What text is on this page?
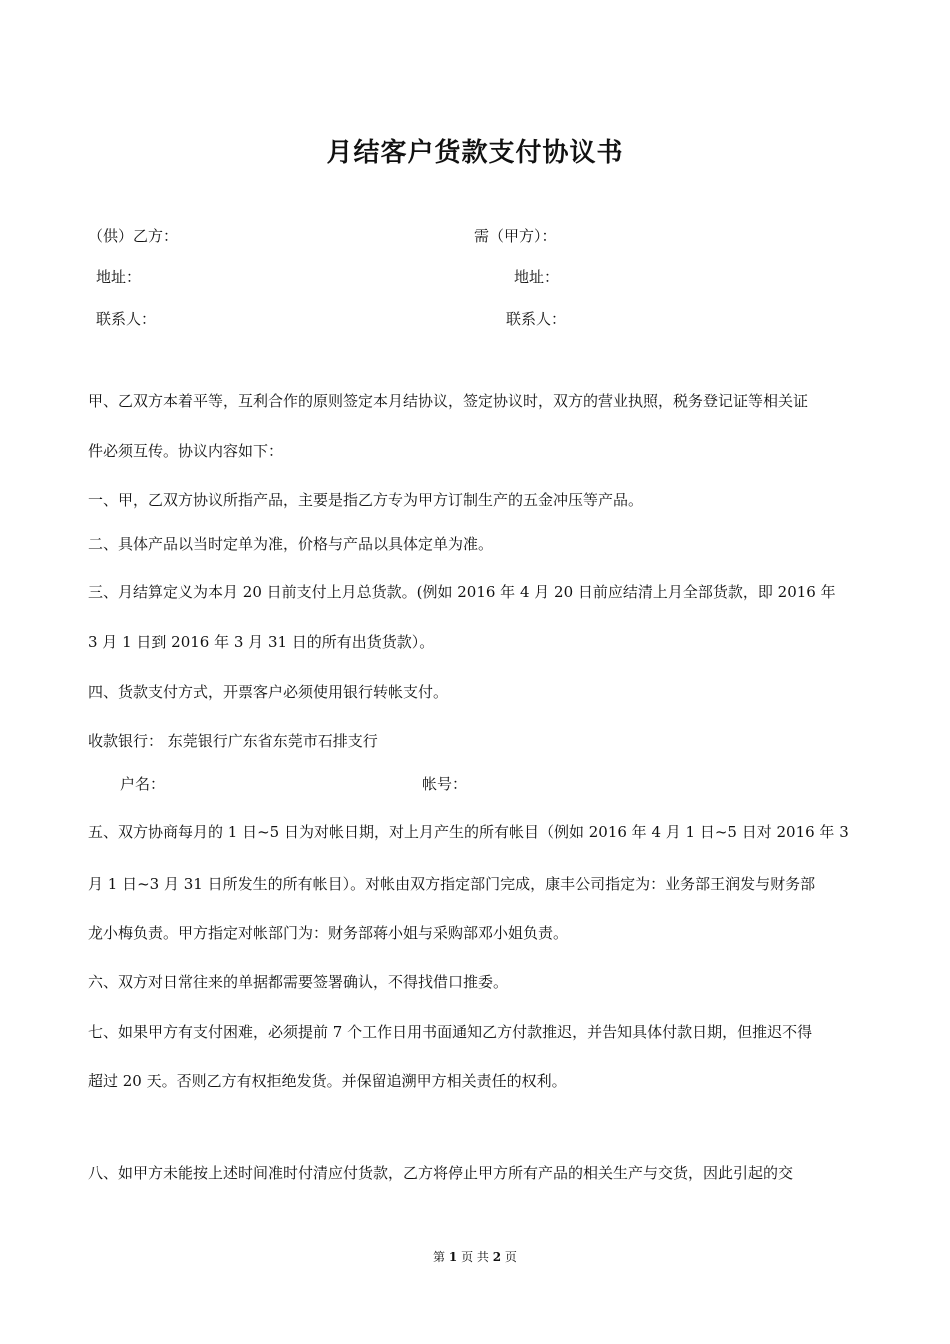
月结客户货款支付协议书
（供）乙方：	需（甲方）：
地址：	地址：
联系人：	联系人：
甲、乙双方本着平等，互利合作的原则签定本月结协议，签定协议时，双方的营业执照，税务登记证等相关证
件必须互传。协议内容如下：
一、甲，乙双方协议所指产品，主要是指乙方专为甲方订制生产的五金冲压等产品。
二、具体产品以当时定单为准，价格与产品以具体定单为准。
三、月结算定义为本月 20 日前支付上月总货款。(例如 2016 年 4 月 20 日前应结清上月全部货款，即 2016 年
3 月 1 日到 2016 年 3 月 31 日的所有出货货款）。
四、货款支付方式，开票客户必须使用银行转帐支付。
收款银行： 东莞银行广东省东莞市石排支行
户名：	帐号：
五、双方协商每月的 1 日~5 日为对帐日期，对上月产生的所有帐目（例如 2016 年 4 月 1 日~5 日对 2016 年 3
月 1 日~3 月 31 日所发生的所有帐目）。对帐由双方指定部门完成，康丰公司指定为：业务部王润发与财务部
龙小梅负责。甲方指定对帐部门为：财务部蒋小姐与采购部邓小姐负责。
六、双方对日常往来的单据都需要签署确认，不得找借口推委。
七、如果甲方有支付困难，必须提前 7 个工作日用书面通知乙方付款推迟，并告知具体付款日期，但推迟不得
超过 20 天。否则乙方有权拒绝发货。并保留追溯甲方相关责任的权利。
八、如甲方未能按上述时间准时付清应付货款，乙方将停止甲方所有产品的相关生产与交货，因此引起的交
第 1 页 共 2 页
